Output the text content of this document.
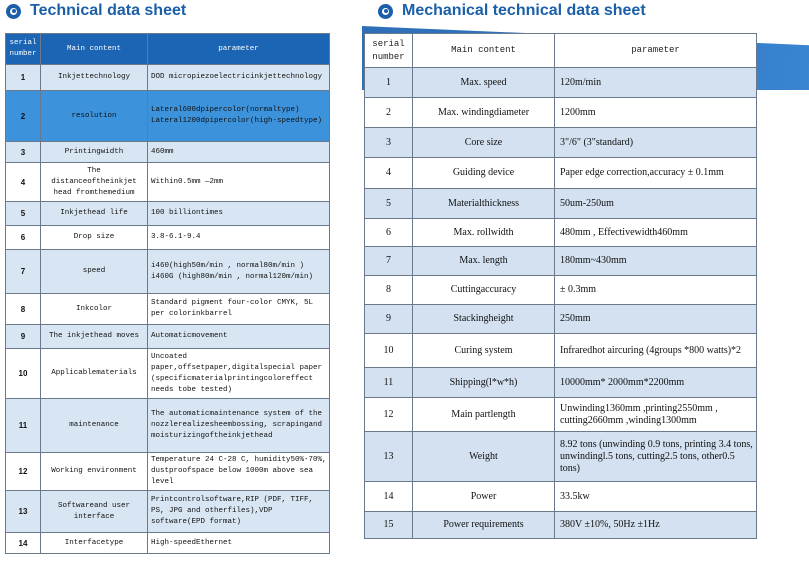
Technical data sheet	Mechanical technical data sheet
serial number	Main content	parameter
1	Inkjettechnology	DOD micropiezoelectricinkjettechnology
2	resolution	Lateral600dpipercolor(normaltype) Lateral1200dpipercolor(high-speedtype)
3	Printingwidth	460mm
4	The distanceoftheinkjet head fromthemedium	Within0.5mm —2mm
5	Inkjethead life	100 billiontimes
6	Drop size	3.8-6.1-9.4
7	speed	i460(high50m/min , normal80m/min ) i460G (high80m/min , normal120m/min)
8	Inkcolor	Standard pigment four-color CMYK, 5L per colorinkbarrel
9	The inkjethead moves	Automaticmovement
10	Applicablematerials	Uncoated paper,offsetpaper,digitalspecial paper (specificmaterialprintingcoloreffect needs tobe tested)
11	maintenance	The automaticmaintenance system of the nozzlerealizesheembossing, scrapingand moisturizingoftheinkjethead
12	Working environment	Temperature 24 C-28 C, humidity50%-70%, dustproofspace below 1000m above sea level
13	Softwareand user interface	Printcontrolsoftware,RIP (PDF, TIFF, PS, JPG and otherfiles),VDP software(EPD format)
14	Interfacetype	High-speedEthernet
serial number	Main content	parameter
1	Max. speed	120m/min
2	Max. windingdiameter	1200mm
3	Core size	3"/6" (3"standard)
4	Guiding device	Paper edge correction,accuracy ± 0.1mm
5	Materialthickness	50um-250um
6	Max. rollwidth	480mm , Effectivewidth460mm
7	Max. length	180mm~430mm
8	Cuttingaccuracy	± 0.3mm
9	Stackingheight	250mm
10	Curing system	Infraredhot aircuring (4groups *800 watts)*2
11	Shipping(l*w*h)	10000mm* 2000mm*2200mm
12	Main partlength	Unwinding1360mm ,printing2550mm , cutting2660mm ,winding1300mm
13	Weight	8.92 tons (unwinding 0.9 tons, printing 3.4 tons, unwindingl.5 tons, cutting2.5 tons, other0.5 tons)
14	Power	33.5kw
15	Power requirements	380V ±10%, 50Hz ±1Hz
